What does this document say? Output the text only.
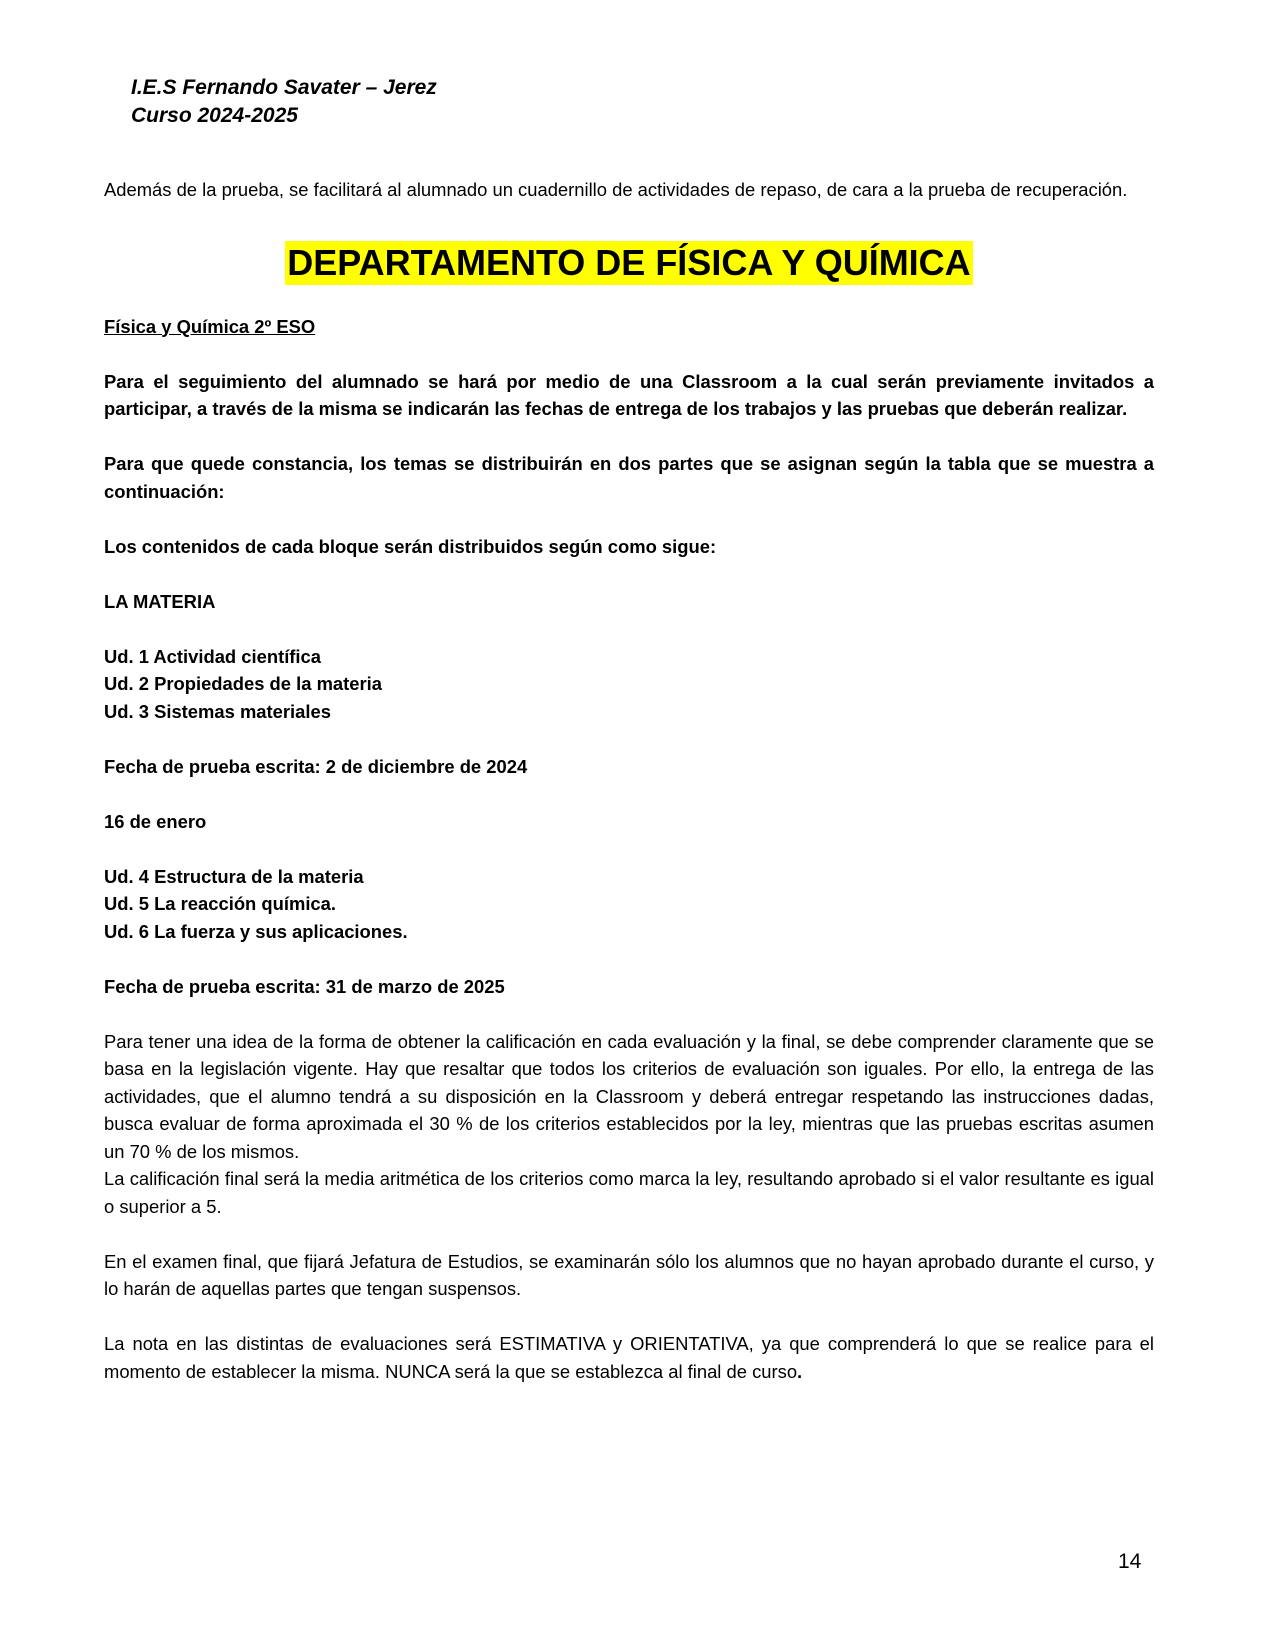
I.E.S Fernando Savater – Jerez
Curso 2024-2025

Además de la prueba, se facilitará al alumnado un cuadernillo de actividades de repaso, de cara a la prueba de recuperación.

DEPARTAMENTO DE FÍSICA Y QUÍMICA

Física y Química 2º ESO

Para el seguimiento del alumnado se hará por medio de una Classroom a la cual serán previamente invitados a participar, a través de la misma se indicarán las fechas de entrega de los trabajos y las pruebas que deberán realizar.

Para que quede constancia, los temas se distribuirán en dos partes que se asignan según la tabla que se muestra a continuación:

Los contenidos de cada bloque serán distribuidos según como sigue:

LA MATERIA

Ud. 1 Actividad científica

Ud. 2 Propiedades de la materia

Ud. 3 Sistemas materiales

Fecha de prueba escrita: 2 de diciembre de 2024

16 de enero

Ud. 4 Estructura de la materia

Ud. 5 La reacción química.

Ud. 6 La fuerza y sus aplicaciones.

Fecha de prueba escrita: 31 de marzo de 2025

Para tener una idea de la forma de obtener la calificación en cada evaluación y la final, se debe comprender claramente que se basa en la legislación vigente. Hay que resaltar que todos los criterios de evaluación son iguales. Por ello, la entrega de las actividades, que el alumno tendrá a su disposición en la Classroom y deberá entregar respetando las instrucciones dadas, busca evaluar de forma aproximada el 30 % de los criterios establecidos por la ley, mientras que las pruebas escritas asumen un 70 % de los mismos.

La calificación final será la media aritmética de los criterios como marca la ley, resultando aprobado si el valor resultante es igual o superior a 5.

En el examen final, que fijará Jefatura de Estudios, se examinarán sólo los alumnos que no hayan aprobado durante el curso, y lo harán de aquellas partes que tengan suspensos.

La nota en las distintas de evaluaciones será ESTIMATIVA y ORIENTATIVA, ya que comprenderá lo que se realice para el momento de establecer la misma. NUNCA será la que se establezca al final de curso.

14
